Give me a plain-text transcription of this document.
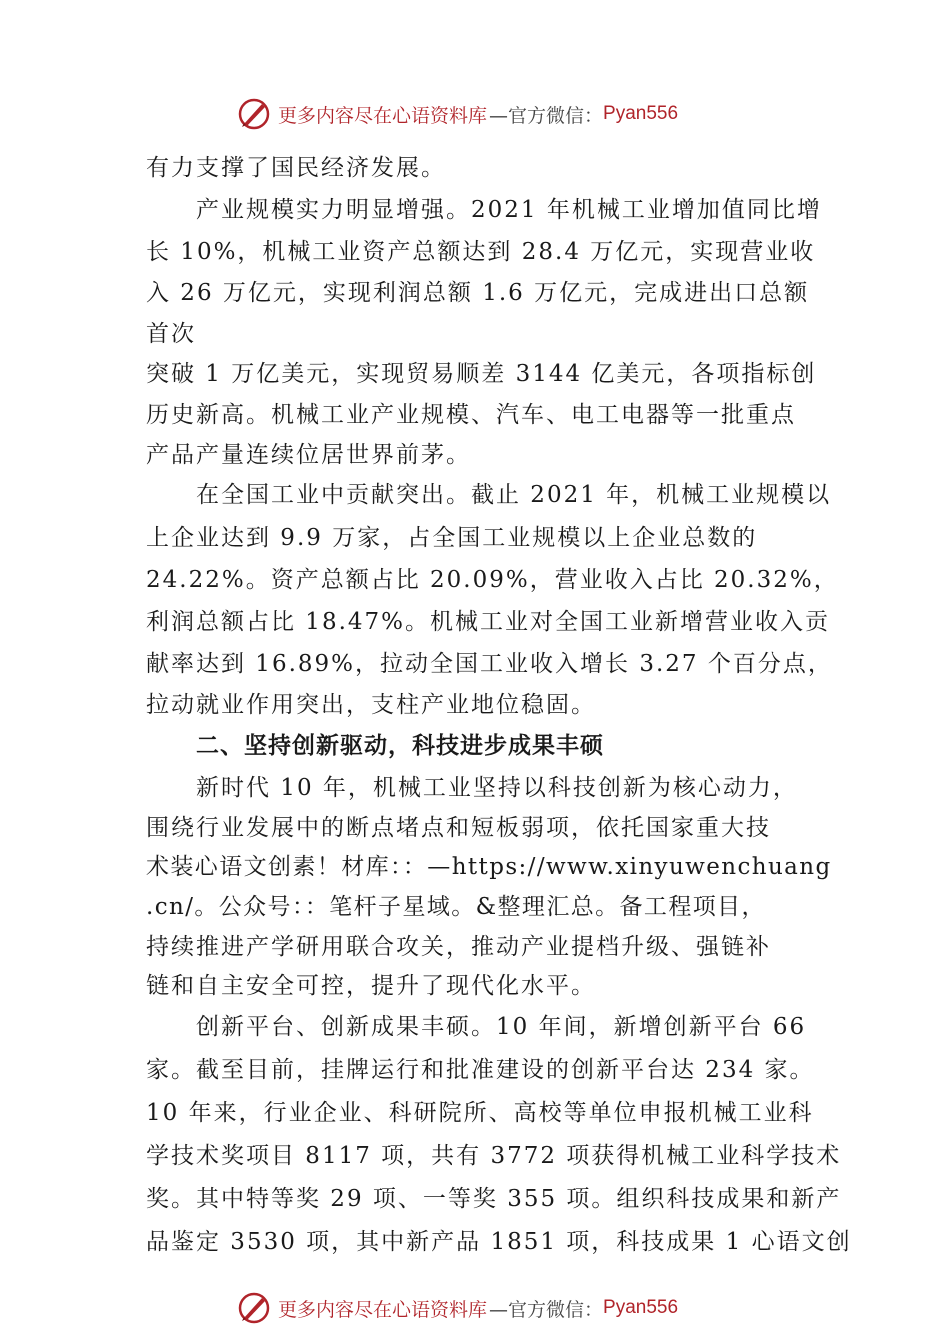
更多内容尽在心语资料库 —官方微信： Pyan556
有力支撑了国民经济发展。
产业规模实力明显增强。2021 年机械工业增加值同比增
长 10%，机械工业资产总额达到 28.4 万亿元，实现营业收
入 26 万亿元，实现利润总额 1.6 万亿元，完成进出口总额
首次
突破 1 万亿美元，实现贸易顺差 3144 亿美元，各项指标创
历史新高。机械工业产业规模、汽车、电工电器等一批重点
产品产量连续位居世界前茅。
在全国工业中贡献突出。截止 2021 年，机械工业规模以
上企业达到 9.9 万家，占全国工业规模以上企业总数的
24.22%。资产总额占比 20.09%，营业收入占比 20.32%，
利润总额占比 18.47%。机械工业对全国工业新增营业收入贡
献率达到 16.89%，拉动全国工业收入增长 3.27 个百分点，
拉动就业作用突出，支柱产业地位稳固。
二、坚持创新驱动，科技进步成果丰硕
新时代 10 年，机械工业坚持以科技创新为核心动力，
围绕行业发展中的断点堵点和短板弱项，依托国家重大技
术装心语文创素！材库：：—https://www.xinyuwenchuang
.cn/。公众号：：笔杆子星域。&整理汇总。备工程项目，
持续推进产学研用联合攻关，推动产业提档升级、强链补
链和自主安全可控，提升了现代化水平。
创新平台、创新成果丰硕。10 年间，新增创新平台 66
家。截至目前，挂牌运行和批准建设的创新平台达 234 家。
10 年来，行业企业、科研院所、高校等单位申报机械工业科
学技术奖项目 8117 项，共有 3772 项获得机械工业科学技术
奖。其中特等奖 29 项、一等奖 355 项。组织科技成果和新产
品鉴定 3530 项，其中新产品 1851 项，科技成果 1 心语文创
更多内容尽在心语资料库 —官方微信： Pyan556
